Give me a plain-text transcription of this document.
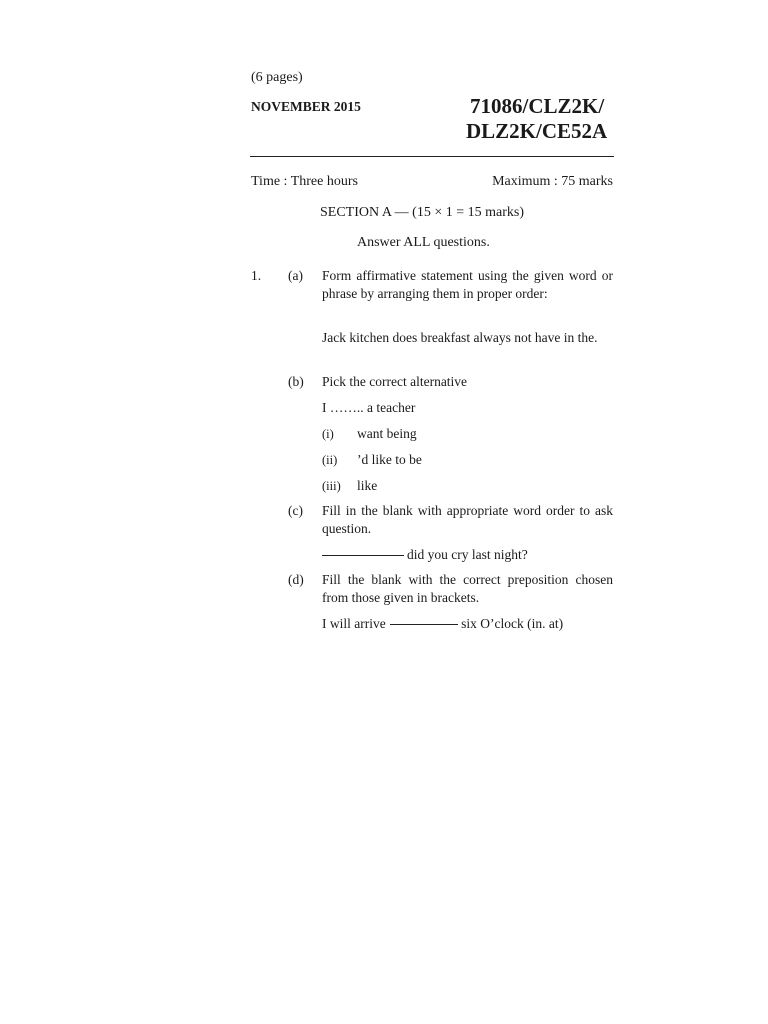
(6 pages)
NOVEMBER 2015	71086/CLZ2K/
DLZ2K/CE52A
Time : Three hours	Maximum : 75 marks
SECTION A — (15 × 1 = 15 marks)
Answer ALL questions.
1. (a) Form affirmative statement using the given word or phrase by arranging them in proper order:
Jack kitchen does breakfast always not have in the.
(b) Pick the correct alternative
I …….. a teacher
(i) want being
(ii) ’d like to be
(iii) like
(c) Fill in the blank with appropriate word order to ask question.
did you cry last night?
(d) Fill the blank with the correct preposition chosen from those given in brackets.
I will arrive	six O’clock (in. at)
